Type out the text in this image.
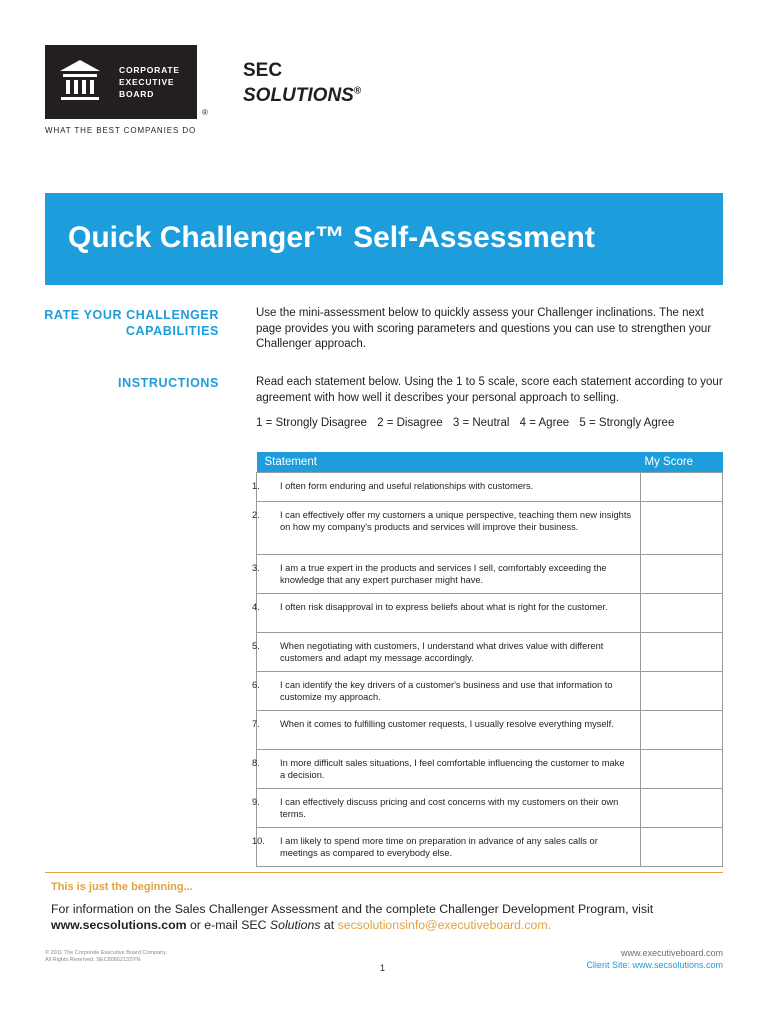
CORPORATE
EXECUTIVE
BOARD
®
WHAT THE BEST COMPANIES DO
SEC
SOLUTIONS®
Quick Challenger™ Self-Assessment
RATE YOUR CHALLENGER
CAPABILITIES
Use the mini-assessment below to quickly assess your Challenger inclinations. The next page provides you with scoring parameters and questions you can use to strengthen your Challenger approach.
INSTRUCTIONS	Read each statement below. Using the 1 to 5 scale, score each statement according to your agreement with how well it describes your personal approach to selling.
1 = Strongly Disagree 2 = Disagree 3 = Neutral 4 = Agree 5 = Strongly Agree
Statement	My Score

1. I often form enduring and useful relationships with customers.	

2. I can effectively offer my customers a unique perspective, teaching them new insights on how my company's products and services will improve their business.	

3. I am a true expert in the products and services I sell, comfortably exceeding the knowledge that any expert purchaser might have.	

4. I often risk disapproval in to express beliefs about what is right for the customer.	

5. When negotiating with customers, I understand what drives value with different customers and adapt my message accordingly.	

6. I can identify the key drivers of a customer's business and use that information to customize my approach.	

7. When it comes to fulfilling customer requests, I usually resolve everything myself.	

8. In more difficult sales situations, I feel comfortable influencing the customer to make a decision.	

9. I can effectively discuss pricing and cost concerns with my customers on their own terms.	

10. I am likely to spend more time on preparation in advance of any sales calls or meetings as compared to everybody else.	

This is just the beginning...
For information on the Sales Challenger Assessment and the complete Challenger Development Program, visit
www.secsolutions.com or e-mail SEC Solutions at secsolutionsinfo@executiveboard.com.
© 2011 The Corporate Executive Board Company.
All Rights Reserved. SEC8085213SYN
1
www.executiveboard.com
Client Site: www.secsolutions.com
